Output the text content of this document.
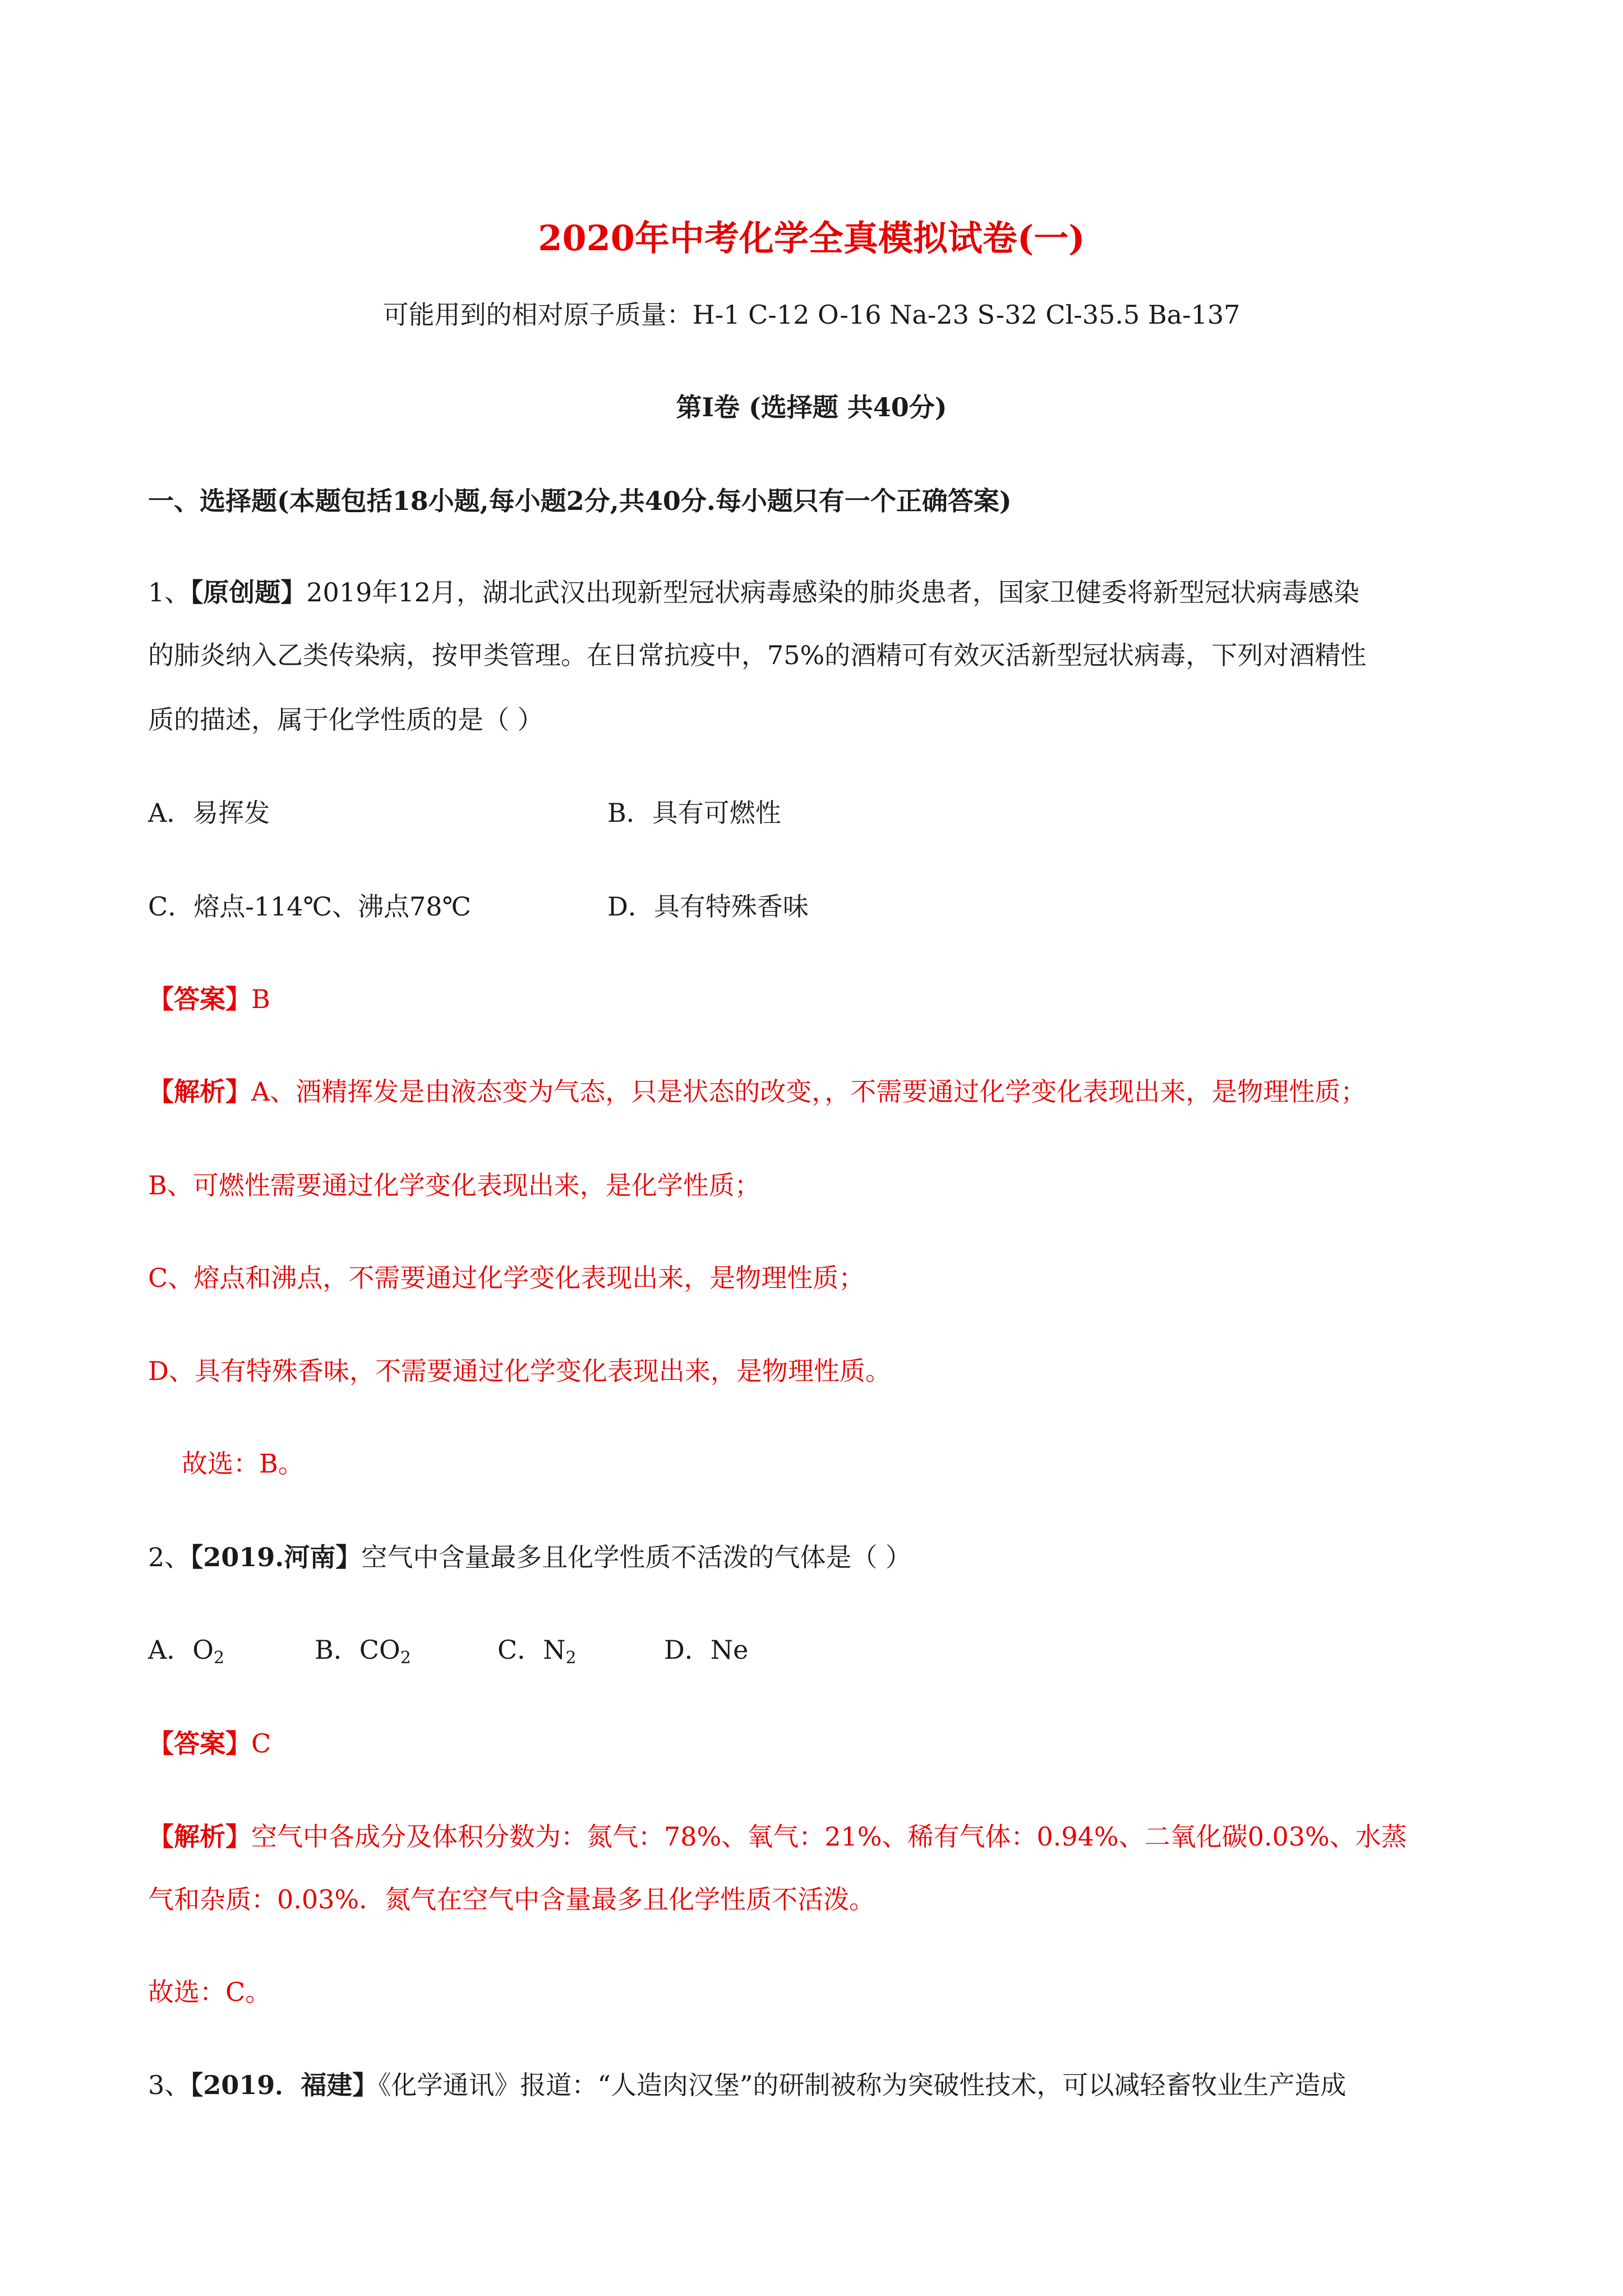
2020年中考化学全真模拟试卷(一)
可能用到的相对原子质量：H-1 C-12 O-16 Na-23 S-32 Cl-35.5 Ba-137
第Ⅰ卷 (选择题 共40分)
一、选择题(本题包括18小题,每小题2分,共40分.每小题只有一个正确答案)
1、【原创题】2019年12月，湖北武汉出现新型冠状病毒感染的肺炎患者，国家卫健委将新型冠状病毒感染
的肺炎纳入乙类传染病，按甲类管理。在日常抗疫中，75%的酒精可有效灭活新型冠状病毒，下列对酒精性
质的描述，属于化学性质的是（ ）
A．易挥发	B．具有可燃性
C．熔点-114℃、沸点78℃	D．具有特殊香味
【答案】B
【解析】A、酒精挥发是由液态变为气态，只是状态的改变，，不需要通过化学变化表现出来，是物理性质；
B、可燃性需要通过化学变化表现出来，是化学性质；
C、熔点和沸点，不需要通过化学变化表现出来，是物理性质；
D、具有特殊香味，不需要通过化学变化表现出来，是物理性质。
故选：B。
2、【2019.河南】空气中含量最多且化学性质不活泼的气体是（ ）
A．$O_2$	B．$CO_2$	C．$N_2$	D．Ne
【答案】C
【解析】空气中各成分及体积分数为：氮气：78%、氧气：21%、稀有气体：0.94%、二氧化碳0.03%、水蒸
气和杂质：0.03%．氮气在空气中含量最多且化学性质不活泼。
故选：C。
3、【2019．福建】《化学通讯》报道：“人造肉汉堡”的研制被称为突破性技术，可以减轻畜牧业生产造成
